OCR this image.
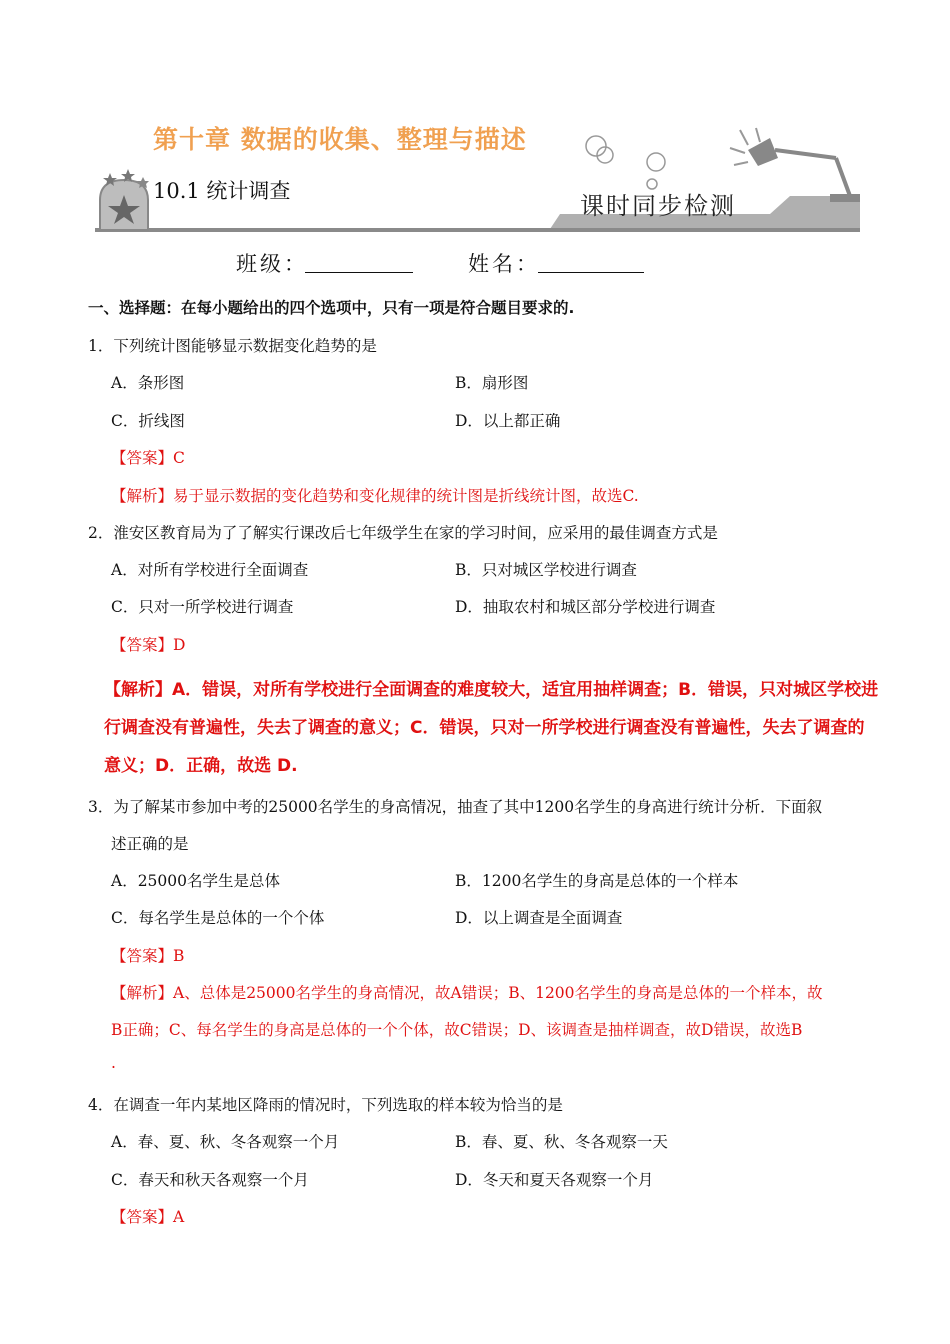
第十章 数据的收集、整理与描述
10.1 统计调查
课时同步检测
班级：	姓名：
一、选择题：在每小题给出的四个选项中，只有一项是符合题目要求的.
1．下列统计图能够显示数据变化趋势的是
A．条形图	B．扇形图
C．折线图	D．以上都正确
【答案】C
【解析】易于显示数据的变化趋势和变化规律的统计图是折线统计图，故选C.
2．淮安区教育局为了了解实行课改后七年级学生在家的学习时间，应采用的最佳调查方式是
A．对所有学校进行全面调查	B．只对城区学校进行调查
C．只对一所学校进行调查	D．抽取农村和城区部分学校进行调查
【答案】D
【解析】A．错误，对所有学校进行全面调查的难度较大，适宜用抽样调查；B．错误，只对城区学校进
行调查没有普遍性，失去了调查的意义；C．错误，只对一所学校进行调查没有普遍性，失去了调查的
意义；D．正确，故选 D.
3．为了解某市参加中考的25000名学生的身高情况，抽查了其中1200名学生的身高进行统计分析．下面叙
述正确的是
A．25000名学生是总体	B．1200名学生的身高是总体的一个样本
C．每名学生是总体的一个个体	D．以上调查是全面调查
【答案】B
【解析】A、总体是25000名学生的身高情况，故A错误；B、1200名学生的身高是总体的一个样本，故
B正确；C、每名学生的身高是总体的一个个体，故C错误；D、该调查是抽样调查，故D错误，故选B
.
4．在调查一年内某地区降雨的情况时，下列选取的样本较为恰当的是
A．春、夏、秋、冬各观察一个月	B．春、夏、秋、冬各观察一天
C．春天和秋天各观察一个月	D．冬天和夏天各观察一个月
【答案】A
